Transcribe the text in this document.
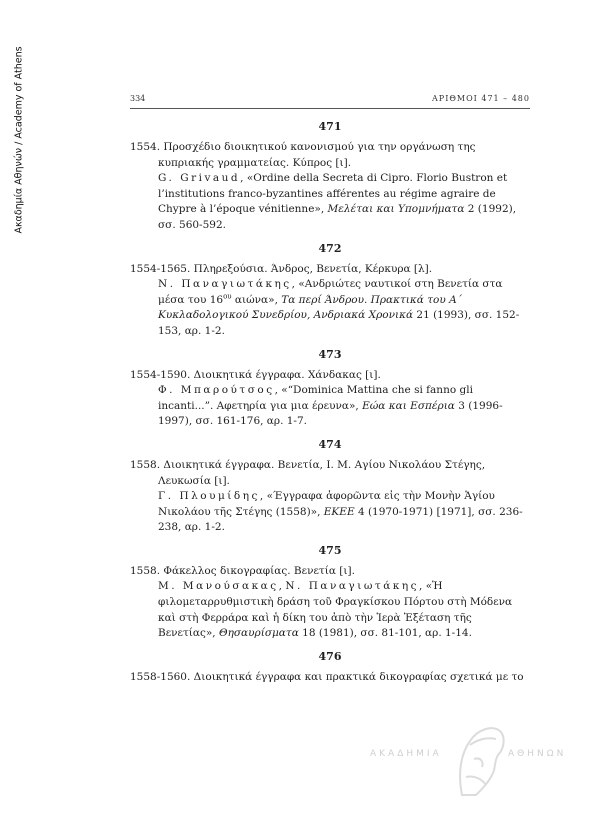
Ακαδημία Αθηνών / Academy of Athens	334	ΑΡΙΘΜΟΙ 471 – 480
471

1554. Προσχέδιο διοικητικού κανονισμού για την οργάνωση της κυπριακής γραμματείας. Κύπρος [ι].

G. Grivaud, «Ordine della Secreta di Cipro. Florio Bustron et l’institutions franco-byzantines afférentes au régime agraire de Chypre à l’époque vénitienne», Μελέται και Υπομνήματα 2 (1992), σσ. 560-592.

472

1554-1565. Πληρεξούσια. Άνδρος, Βενετία, Κέρκυρα [λ].

Ν. Παναγιωτάκης, «Ανδριώτες ναυτικοί στη Βενετία στα μέσα του $16^{o\upsilon}$ αιώνα», Τα περί Άνδρου. Πρακτικά του Α΄ Κυκλαδολογικού Συνεδρίου, Ανδριακά Χρονικά 21 (1993), σσ. 152-153, αρ. 1-2.

473

1554-1590. Διοικητικά έγγραφα. Χάνδακας [ι].

Φ. Μπαρούτσος, «“Dominica Mattina che si fanno gli incanti...”. Αφετηρία για μια έρευνα», Εώα και Εσπέρια 3 (1996-1997), σσ. 161-176, αρ. 1-7.

474

1558. Διοικητικά έγγραφα. Βενετία, Ι. Μ. Αγίου Νικολάου Στέγης, Λευκωσία [ι].

Γ. Πλουμίδης, «Έγγραφα ἀφορῶντα εἰς τὴν Μονὴν Ἁγίου Νικολάου τῆς Στέγης (1558)», ΕΚΕΕ 4 (1970-1971) [1971], σσ. 236-238, αρ. 1-2.

475

1558. Φάκελλος δικογραφίας. Βενετία [ι].

Μ. Μανούσακας, Ν. Παναγιωτάκης, «Ἡ φιλομεταρρυθμιστικὴ δράση τοῦ Φραγκίσκου Πόρτου στὴ Μόδενα καὶ στὴ Φερράρα καὶ ἡ δίκη του ἀπὸ τὴν Ἱερὰ Ἐξέταση τῆς Βενετίας», Θησαυρίσματα 18 (1981), σσ. 81-101, αρ. 1-14.

476

1558-1560. Διοικητικά έγγραφα και πρακτικά δικογραφίας σχετικά με το

ΑΚΑΔΗΜΙΑ	ΑΘΗΝΩΝ
